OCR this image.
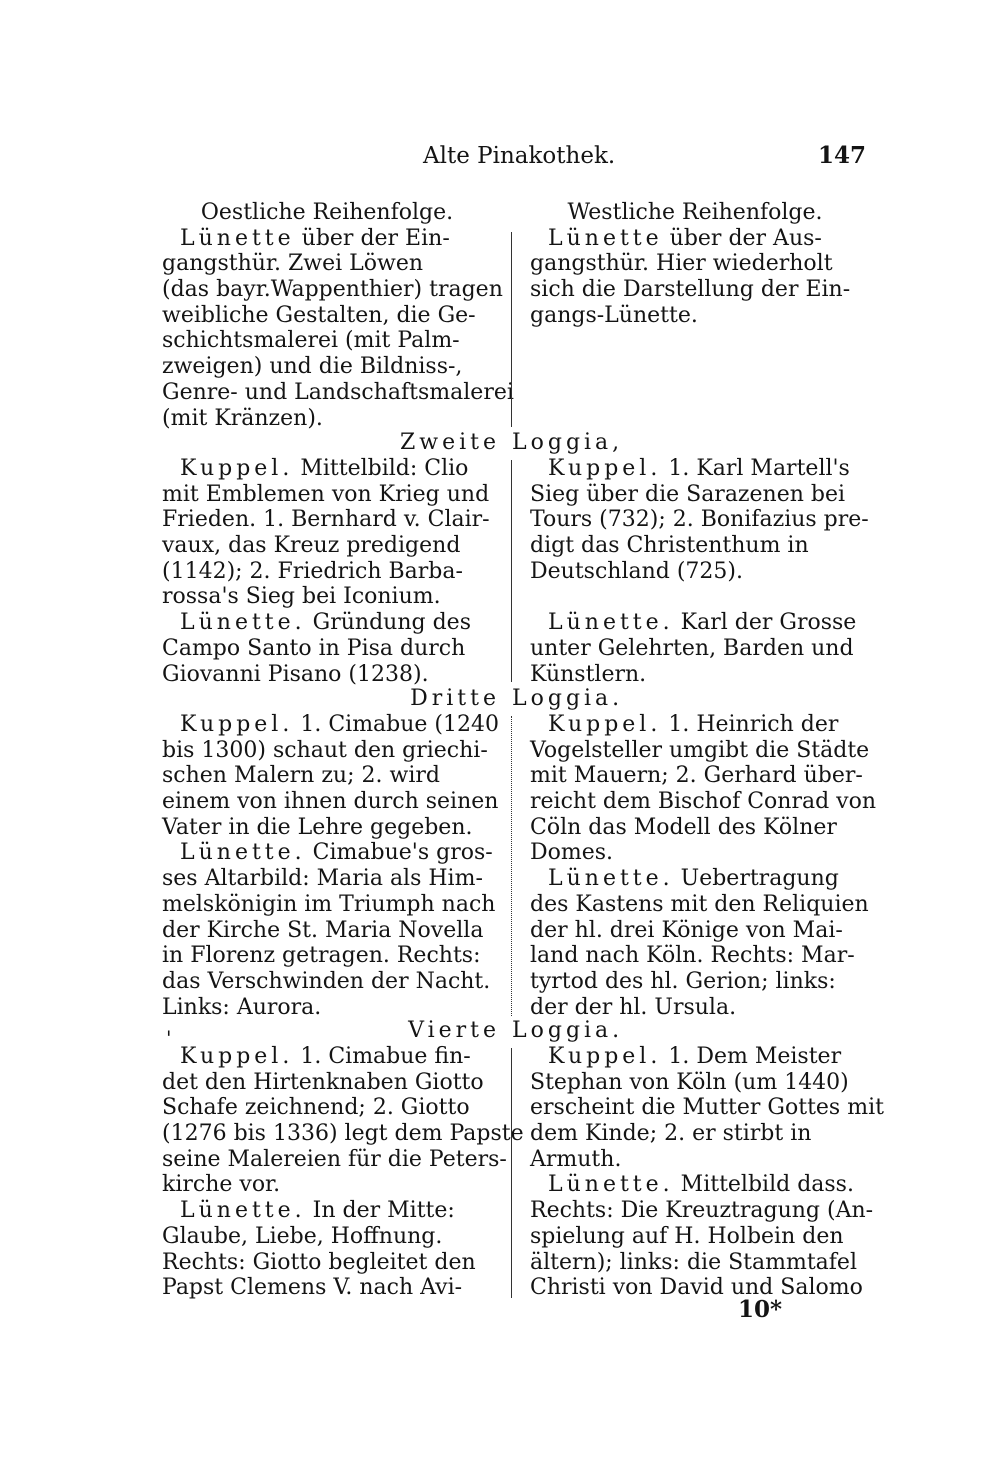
Alte Pinakothek.	147
Oestliche Reihenfolge.
Lünette über der Ein-
gangsthür. Zwei Löwen
(das bayr.Wappenthier) tragen
weibliche Gestalten, die Ge-
schichtsmalerei (mit Palm-
zweigen) und die Bildniss-,
Genre- und Landschaftsmalerei
(mit Kränzen).
Westliche Reihenfolge.
Lünette über der Aus-
gangsthür. Hier wiederholt
sich die Darstellung der Ein-
gangs-Lünette.
Zweite Loggia,
Kuppel. Mittelbild: Clio
mit Emblemen von Krieg und
Frieden. 1. Bernhard v. Clair-
vaux, das Kreuz predigend
(1142); 2. Friedrich Barba-
rossa's Sieg bei Iconium.
Lünette. Gründung des
Campo Santo in Pisa durch
Giovanni Pisano (1238).
Kuppel. 1. Karl Martell's
Sieg über die Sarazenen bei
Tours (732); 2. Bonifazius pre-
digt das Christenthum in
Deutschland (725).
Lünette. Karl der Grosse
unter Gelehrten, Barden und
Künstlern.
Dritte Loggia.
Kuppel. 1. Cimabue (1240
bis 1300) schaut den griechi-
schen Malern zu; 2. wird
einem von ihnen durch seinen
Vater in die Lehre gegeben.
Lünette. Cimabue's gros-
ses Altarbild: Maria als Him-
melskönigin im Triumph nach
der Kirche St. Maria Novella
in Florenz getragen. Rechts:
das Verschwinden der Nacht.
Links: Aurora.
Kuppel. 1. Heinrich der
Vogelsteller umgibt die Städte
mit Mauern; 2. Gerhard über-
reicht dem Bischof Conrad von
Cöln das Modell des Kölner
Domes.
Lünette. Uebertragung
des Kastens mit den Reliquien
der hl. drei Könige von Mai-
land nach Köln. Rechts: Mar-
tyrtod des hl. Gerion; links:
der der hl. Ursula.
Vierte Loggia.
'
Kuppel. 1. Cimabue fin-
det den Hirtenknaben Giotto
Schafe zeichnend; 2. Giotto
(1276 bis 1336) legt dem Papste
seine Malereien für die Peters-
kirche vor.
Lünette. In der Mitte:
Glaube, Liebe, Hoffnung.
Rechts: Giotto begleitet den
Papst Clemens V. nach Avi-
Kuppel. 1. Dem Meister
Stephan von Köln (um 1440)
erscheint die Mutter Gottes mit
dem Kinde; 2. er stirbt in
Armuth.
Lünette. Mittelbild dass.
Rechts: Die Kreuztragung (An-
spielung auf H. Holbein den
ältern); links: die Stammtafel
Christi von David und Salomo
10*
